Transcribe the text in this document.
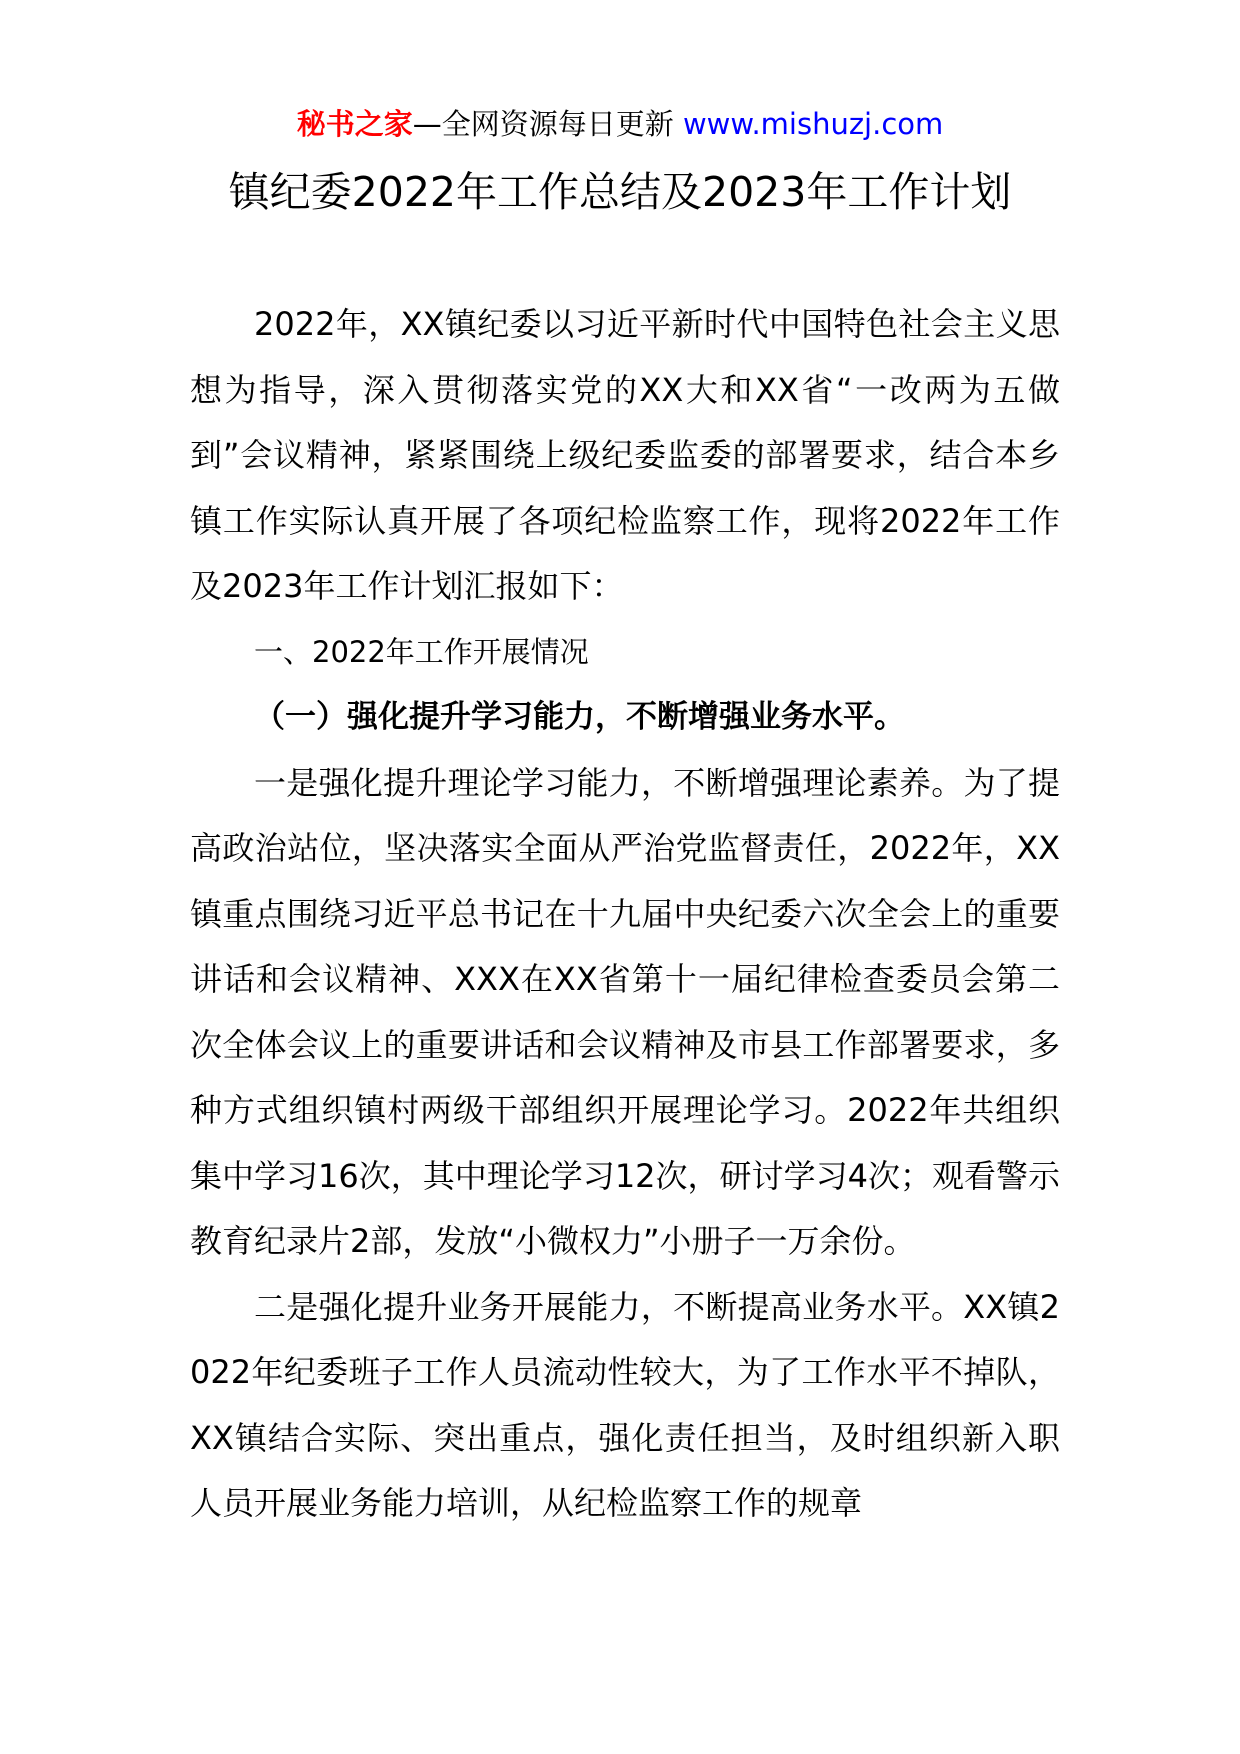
秘书之家—全网资源每日更新 www.mishuzj.com
镇纪委2022年工作总结及2023年工作计划

2022年，XX镇纪委以习近平新时代中国特色社会主义思想为指导，深入贯彻落实党的XX大和XX省“一改两为五做到”会议精神，紧紧围绕上级纪委监委的部署要求，结合本乡镇工作实际认真开展了各项纪检监察工作，现将2022年工作及2023年工作计划汇报如下：

一、2022年工作开展情况

（一）强化提升学习能力，不断增强业务水平。

一是强化提升理论学习能力，不断增强理论素养。为了提高政治站位，坚决落实全面从严治党监督责任，2022年，XX镇重点围绕习近平总书记在十九届中央纪委六次全会上的重要讲话和会议精神、XXX在XX省第十一届纪律检查委员会第二次全体会议上的重要讲话和会议精神及市县工作部署要求，多种方式组织镇村两级干部组织开展理论学习。2022年共组织集中学习16次，其中理论学习12次，研讨学习4次；观看警示教育纪录片2部，发放“小微权力”小册子一万余份。

二是强化提升业务开展能力，不断提高业务水平。XX镇2022年纪委班子工作人员流动性较大，为了工作水平不掉队，XX镇结合实际、突出重点，强化责任担当，及时组织新入职人员开展业务能力培训，从纪检监察工作的规章
